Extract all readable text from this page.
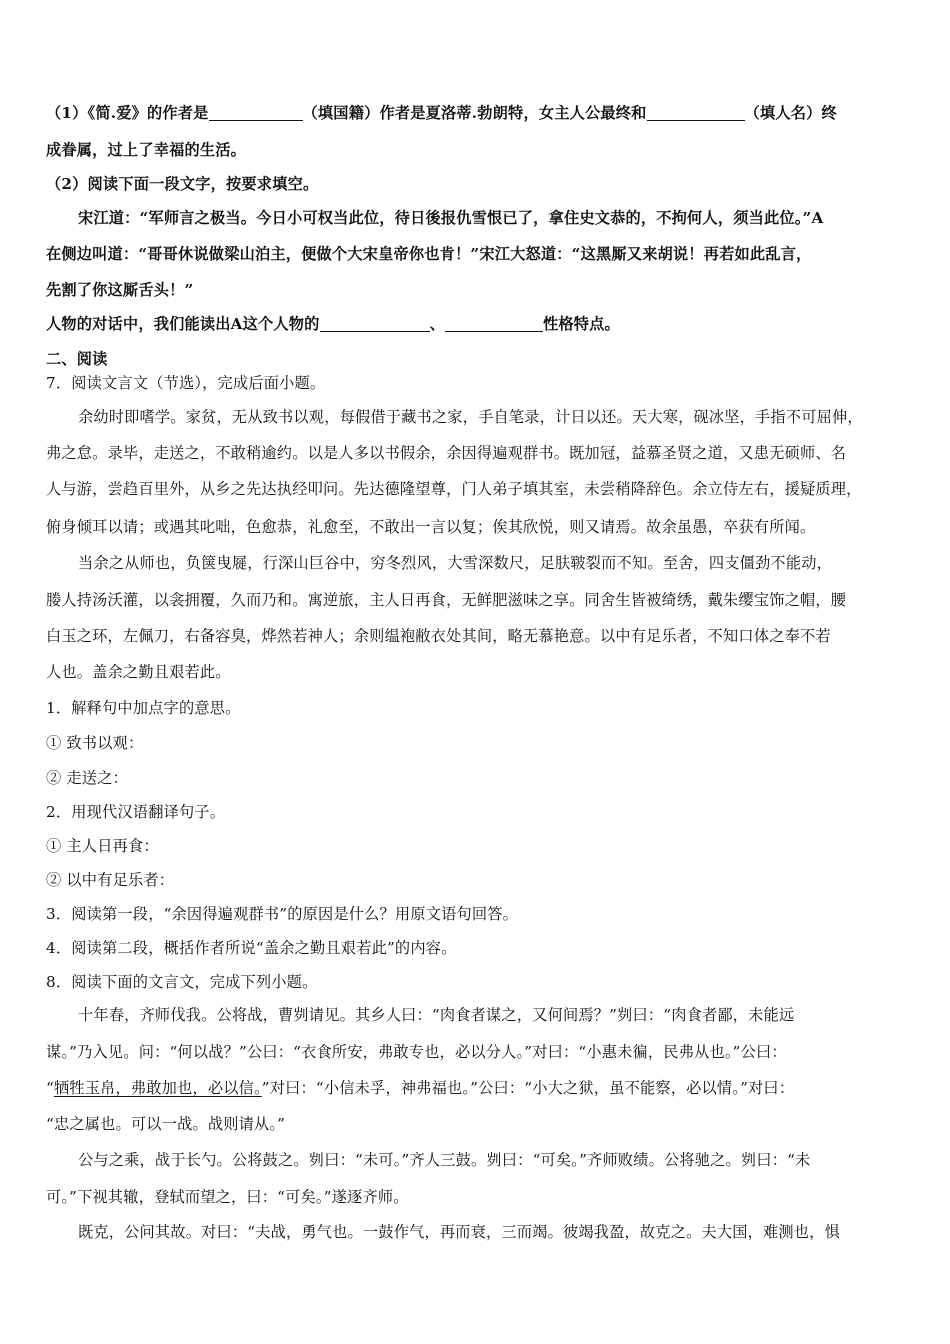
（1）《简.爱》的作者是	（填国籍）作者是夏洛蒂.勃朗特，女主人公最终和	（填人名）终
成眷属，过上了幸福的生活。
（2）阅读下面一段文字，按要求填空。
宋江道：“军师言之极当。今日小可权当此位，待日後报仇雪恨已了，拿住史文恭的，不拘何人，须当此位。”A
在侧边叫道：“哥哥休说做梁山泊主，便做个大宋皇帝你也肯！”宋江大怒道：“这黑厮又来胡说！再若如此乱言，
先割了你这厮舌头！”
人物的对话中，我们能读出A这个人物的	、	性格特点。
二、阅读
7．阅读文言文（节选），完成后面小题。
余幼时即嗜学。家贫，无从致书以观，每假借于藏书之家，手自笔录，计日以还。天大寒，砚冰坚，手指不可屈伸，
弗之怠。录毕，走送之，不敢稍逾约。以是人多以书假余，余因得遍观群书。既加冠，益慕圣贤之道，又患无硕师、名
人与游，尝趋百里外，从乡之先达执经叩问。先达德隆望尊，门人弟子填其室，未尝稍降辞色。余立侍左右，援疑质理，
俯身倾耳以请；或遇其叱咄，色愈恭，礼愈至，不敢出一言以复；俟其欣悦，则又请焉。故余虽愚，卒获有所闻。
当余之从师也，负箧曳屣，行深山巨谷中，穷冬烈风，大雪深数尺，足肤皲裂而不知。至舍，四支僵劲不能动，
媵人持汤沃灌，以衾拥覆，久而乃和。寓逆旅，主人日再食，无鲜肥滋味之享。同舍生皆被绮绣，戴朱缨宝饰之帽，腰
白玉之环，左佩刀，右备容臭，烨然若神人；余则缊袍敝衣处其间，略无慕艳意。以中有足乐者，不知口体之奉不若
人也。盖余之勤且艰若此。
1．解释句中加点字的意思。
① 致书以观：
② 走送之：
2．用现代汉语翻译句子。
① 主人日再食：
② 以中有足乐者：
3．阅读第一段，“余因得遍观群书”的原因是什么？用原文语句回答。
4．阅读第二段，概括作者所说“盖余之勤且艰若此”的内容。
8．阅读下面的文言文，完成下列小题。
十年春，齐师伐我。公将战，曹刿请见。其乡人曰：“肉食者谋之，又何间焉？”刿曰：“肉食者鄙，未能远
谋。”乃入见。问：“何以战？”公曰：“衣食所安，弗敢专也，必以分人。”对曰：“小惠未徧，民弗从也。”公曰：
“牺牲玉帛，弗敢加也，必以信。”对曰：“小信未孚，神弗福也。”公曰：“小大之狱，虽不能察，必以情。”对曰：
“忠之属也。可以一战。战则请从。”
公与之乘，战于长勺。公将鼓之。刿曰：“未可。”齐人三鼓。刿曰：“可矣。”齐师败绩。公将驰之。刿曰：“未
可。”下视其辙，登轼而望之，曰：“可矣。”遂逐齐师。
既克，公问其故。对曰：“夫战，勇气也。一鼓作气，再而衰，三而竭。彼竭我盈，故克之。夫大国，难测也，惧
